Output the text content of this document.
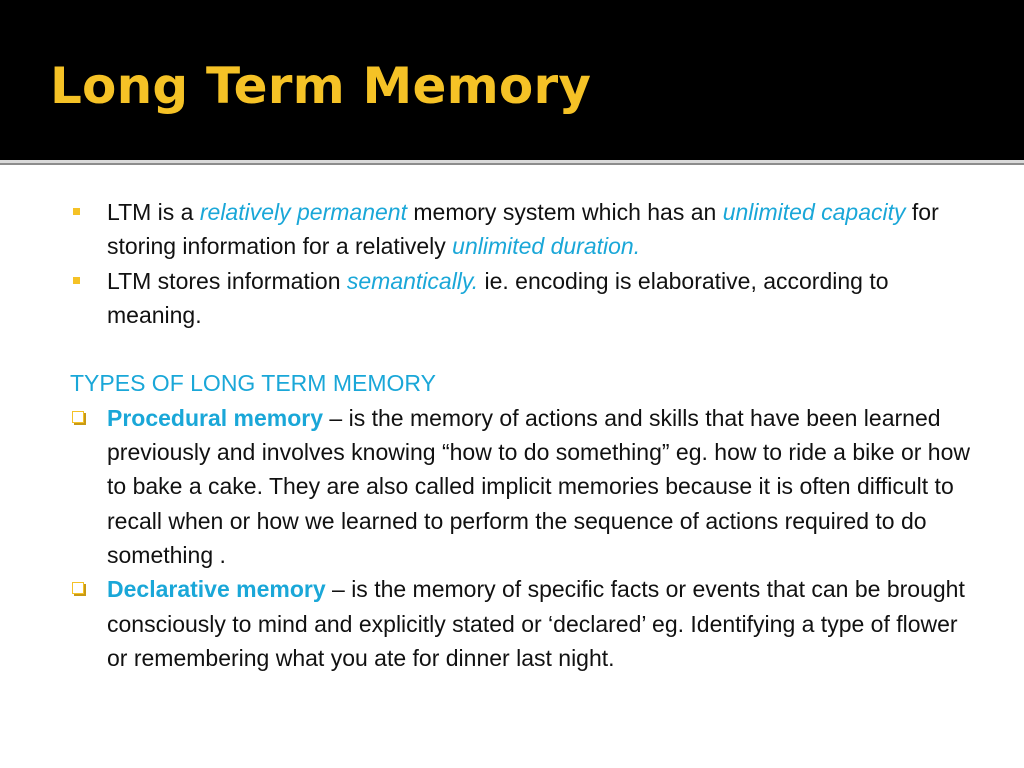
Long Term Memory
LTM is a relatively permanent memory system which has an unlimited capacity for storing information for a relatively unlimited duration.
LTM stores information semantically. ie. encoding is elaborative, according to meaning.
TYPES OF LONG TERM MEMORY
Procedural memory – is the memory of actions and skills that have been learned previously and involves knowing “how to do something” eg. how to ride a bike or how to bake a cake. They are also called implicit memories because it is often difficult to recall when or how we learned to perform the sequence of actions required to do something .
Declarative memory – is the memory of specific facts or events that can be brought consciously to mind and explicitly stated or ‘declared’ eg. Identifying a type of flower or remembering what you ate for dinner last night.
